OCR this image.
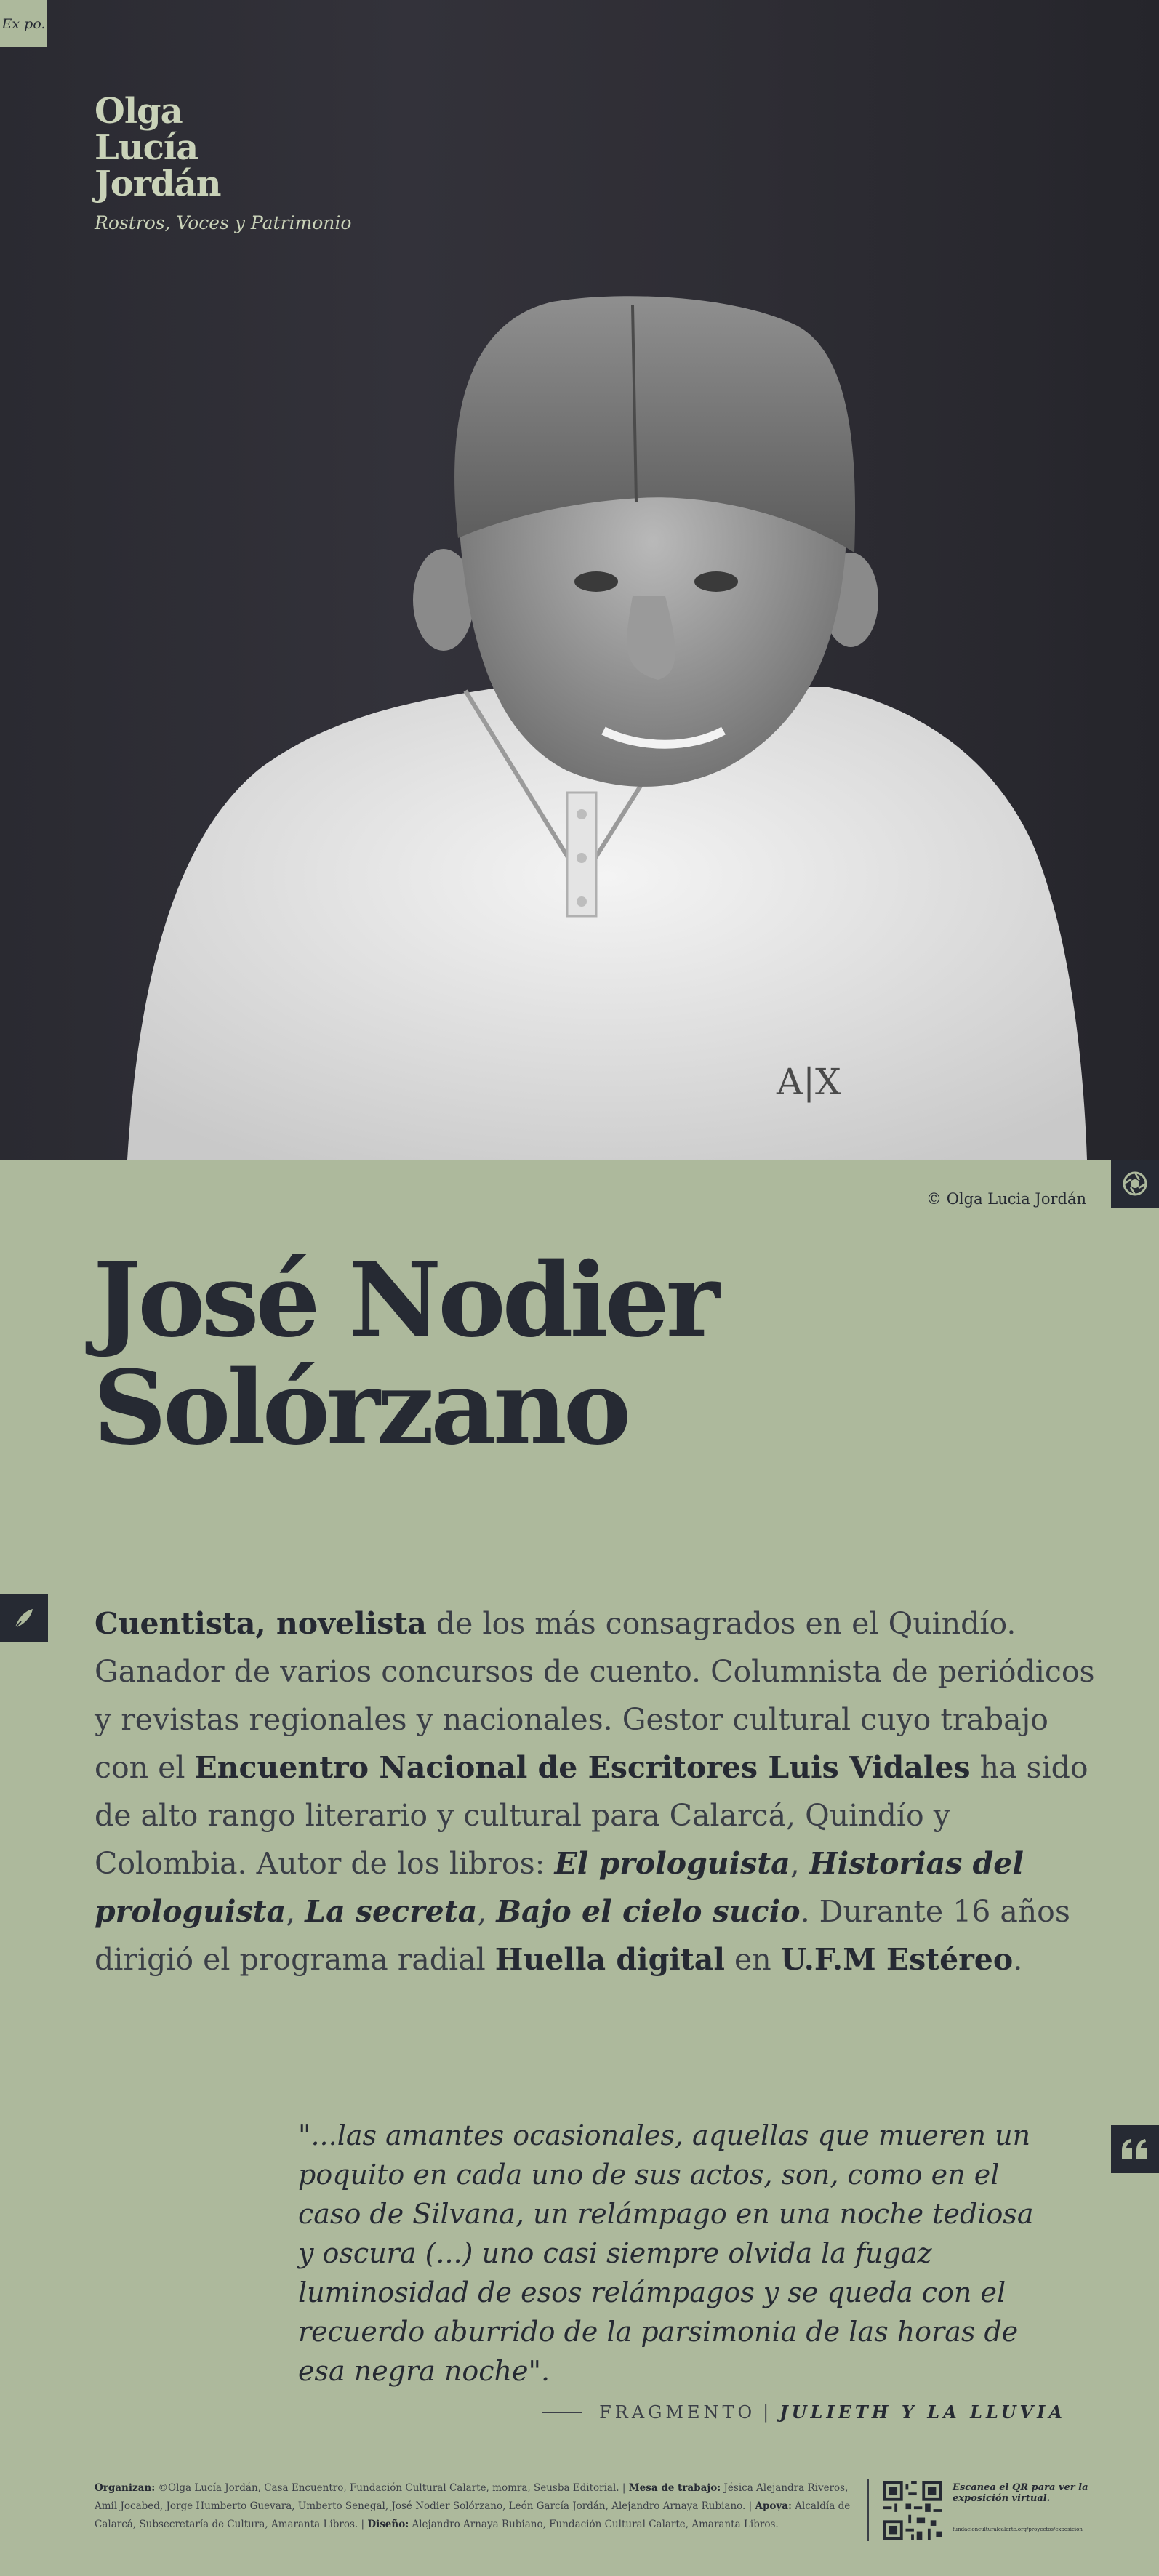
A|X
Ex po.
Olga
Lucía
Jordán
Rostros, Voces y Patrimonio
© Olga Lucia Jordán
José Nodier
Solórzano
Cuentista, novelista de los más consagrados en el Quindío. Ganador de varios concursos de cuento. Columnista de periódicos y revistas regionales y nacionales. Gestor cultural cuyo trabajo con el Encuentro Nacional de Escritores Luis Vidales ha sido de alto rango literario y cultural para Calarcá, Quindío y Colombia. Autor de los libros: El prologuista, Historias del prologuista, La secreta, Bajo el cielo sucio. Durante 16 años dirigió el programa radial Huella digital en U.F.M Estéreo.
"...las amantes ocasionales, aquellas que mueren un poquito en cada uno de sus actos, son, como en el caso de Silvana, un relámpago en una noche tediosa y oscura (...) uno casi siempre olvida la fugaz luminosidad de esos relámpagos y se queda con el recuerdo aburrido de la parsimonia de las horas de esa negra noche".
FRAGMENTO | JULIETH Y LA LLUVIA
Organizan: ©Olga Lucía Jordán, Casa Encuentro, Fundación Cultural Calarte, momra, Seusba Editorial. | Mesa de trabajo: Jésica Alejandra Riveros, Amil Jocabed, Jorge Humberto Guevara, Umberto Senegal, José Nodier Solórzano, León García Jordán, Alejandro Arnaya Rubiano. | Apoya: Alcaldía de Calarcá, Subsecretaría de Cultura, Amaranta Libros. | Diseño: Alejandro Arnaya Rubiano, Fundación Cultural Calarte, Amaranta Libros.
Escanea el QR para ver la exposición virtual.
fundacionculturalcalarte.org/proyectos/exposicion
